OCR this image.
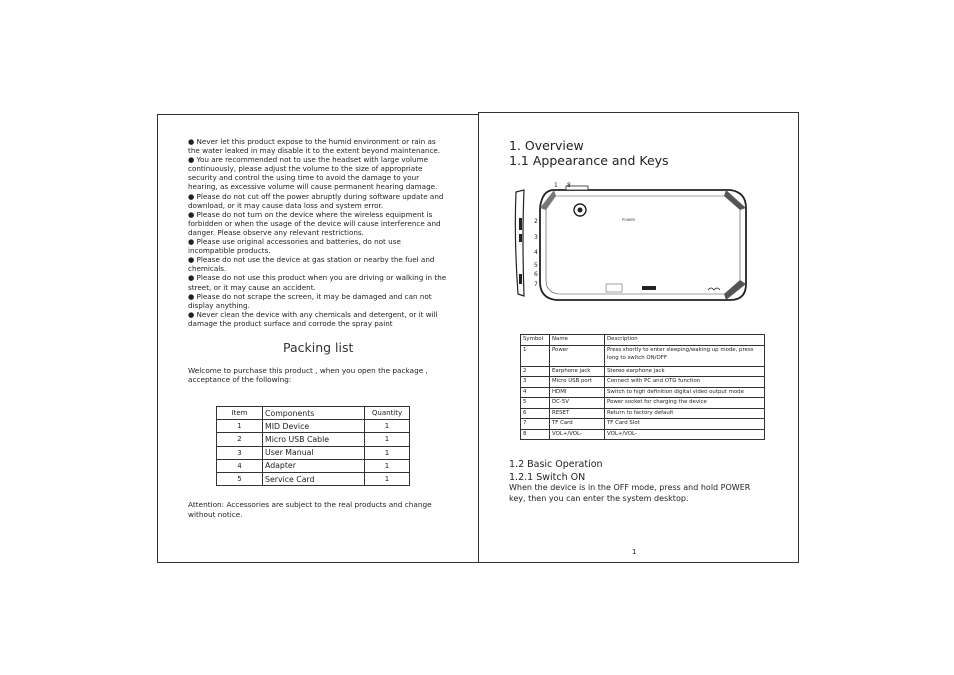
● Never let this product expose to the humid environment or rain as the water leaked in may disable it to the extent beyond maintenance.

● You are recommended not to use the headset with large volume continuously, please adjust the volume to the size of appropriate security and control the using time to avoid the damage to your hearing, as excessive volume will cause permanent hearing damage.

● Please do not cut off the power abruptly during software update and download, or it may cause data loss and system error.

● Please do not turn on the device where the wireless equipment is forbidden or when the usage of the device will cause interference and danger. Please observe any relevant restrictions.

● Please use original accessories and batteries, do not use incompatible products.

● Please do not use the device at gas station or nearby the fuel and chemicals.

● Please do not use this product when you are driving or walking in the street, or it may cause an accident.

● Please do not scrape the screen, it may be damaged and can not display anything.

● Never clean the device with any chemicals and detergent, or it will damage the product surface and corrode the spray paint

Packing list
Welcome to purchase this product , when you open the package , acceptance of the following:
Item	Components	Quantity
1	MID Device	1
2	Micro USB Cable	1
3	User Manual	1
4	Adapter	1
5	Service Card	1
Attention: Accessories are subject to the real products and change without notice.
1. Overview
1.1 Appearance and Keys
POWER
1 8
2
3
4
5
6
7
Symbol	Name	Description
1	Power	Press shortly to enter sleeping/waking up mode, press long to switch ON/OFF
2	Earphone jack	Stereo earphone jack
3	Micro USB port	Connect with PC and OTG function
4	HDMI	Switch to high definition digital video output mode
5	DC-5V	Power socket for charging the device
6	RESET	Return to factory default
7	TF Card	TF Card Slot
8	VOL+/VOL-	VOL+/VOL-
1.2 Basic Operation
1.2.1 Switch ON
When the device is in the OFF mode, press and hold POWER key, then you can enter the system desktop.
1
